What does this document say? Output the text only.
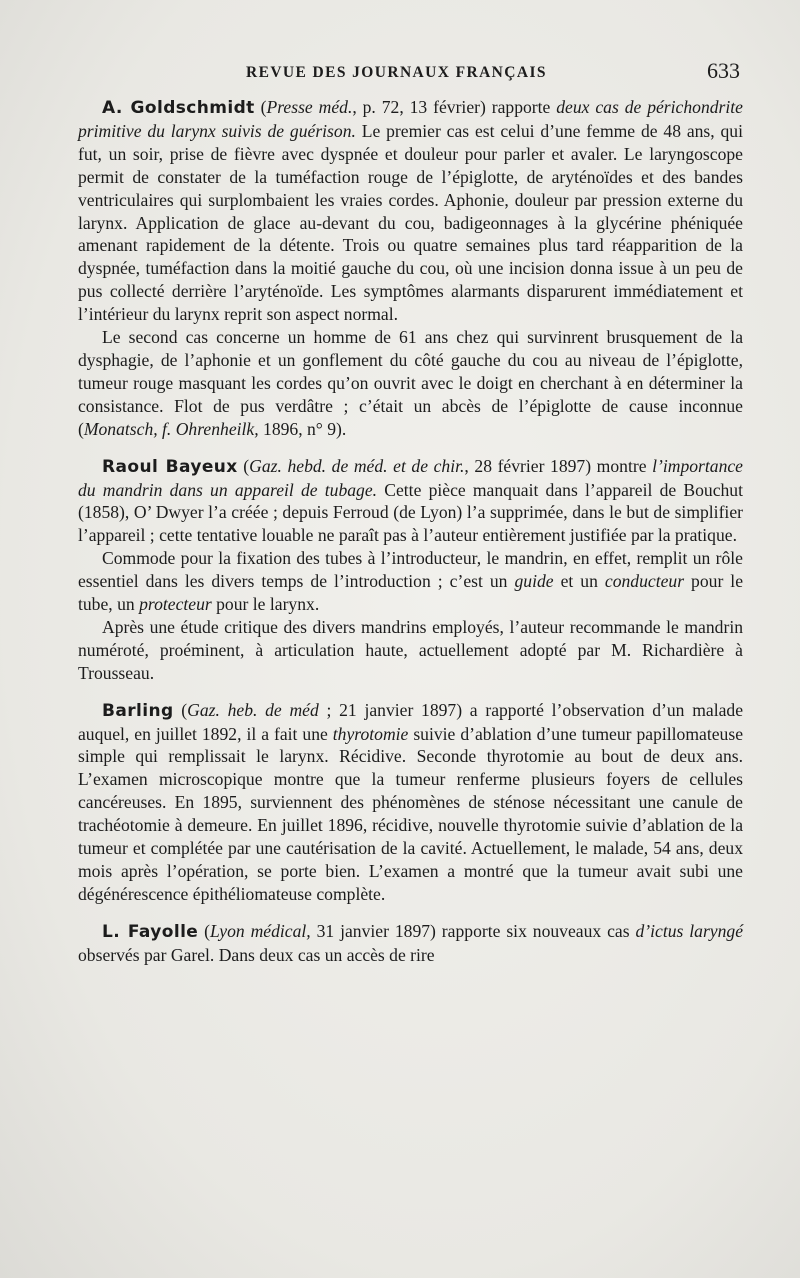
REVUE DES JOURNAUX FRANÇAIS	633

A. Goldschmidt (Presse méd., p. 72, 13 février) rapporte deux cas de périchondrite primitive du larynx suivis de guérison. Le premier cas est celui d’une femme de 48 ans, qui fut, un soir, prise de fièvre avec dyspnée et douleur pour parler et avaler. Le laryngoscope permit de constater de la tuméfaction rouge de l’épiglotte, de aryténoïdes et des bandes ventriculaires qui surplombaient les vraies cordes. Aphonie, douleur par pression externe du larynx. Application de glace au-devant du cou, badigeonnages à la glycérine phéniquée amenant rapidement de la détente. Trois ou quatre semaines plus tard réapparition de la dyspnée, tuméfaction dans la moitié gauche du cou, où une incision donna issue à un peu de pus collecté derrière l’aryténoïde. Les symptômes alarmants disparurent immédiatement et l’intérieur du larynx reprit son aspect normal.

Le second cas concerne un homme de 61 ans chez qui survinrent brusquement de la dysphagie, de l’aphonie et un gonflement du côté gauche du cou au niveau de l’épiglotte, tumeur rouge masquant les cordes qu’on ouvrit avec le doigt en cherchant à en déterminer la consistance. Flot de pus verdâtre ; c’était un abcès de l’épiglotte de cause inconnue (Monatsch, f. Ohrenheilk, 1896, n° 9).

Raoul Bayeux (Gaz. hebd. de méd. et de chir., 28 février 1897) montre l’importance du mandrin dans un appareil de tubage. Cette pièce manquait dans l’appareil de Bouchut (1858), O’ Dwyer l’a créée ; depuis Ferroud (de Lyon) l’a supprimée, dans le but de simplifier l’appareil ; cette tentative louable ne paraît pas à l’auteur entièrement justifiée par la pratique.

Commode pour la fixation des tubes à l’introducteur, le mandrin, en effet, remplit un rôle essentiel dans les divers temps de l’introduction ; c’est un guide et un conducteur pour le tube, un protecteur pour le larynx.

Après une étude critique des divers mandrins employés, l’auteur recommande le mandrin numéroté, proéminent, à articulation haute, actuellement adopté par M. Richardière à Trousseau.

Barling (Gaz. heb. de méd ; 21 janvier 1897) a rapporté l’observation d’un malade auquel, en juillet 1892, il a fait une thyrotomie suivie d’ablation d’une tumeur papillomateuse simple qui remplissait le larynx. Récidive. Seconde thyrotomie au bout de deux ans. L’examen microscopique montre que la tumeur renferme plusieurs foyers de cellules cancéreuses. En 1895, surviennent des phénomènes de sténose nécessitant une canule de trachéotomie à demeure. En juillet 1896, récidive, nouvelle thyrotomie suivie d’ablation de la tumeur et complétée par une cautérisation de la cavité. Actuellement, le malade, 54 ans, deux mois après l’opération, se porte bien. L’examen a montré que la tumeur avait subi une dégénérescence épithéliomateuse complète.

L. Fayolle (Lyon médical, 31 janvier 1897) rapporte six nouveaux cas d’ictus laryngé observés par Garel. Dans deux cas un accès de rire
